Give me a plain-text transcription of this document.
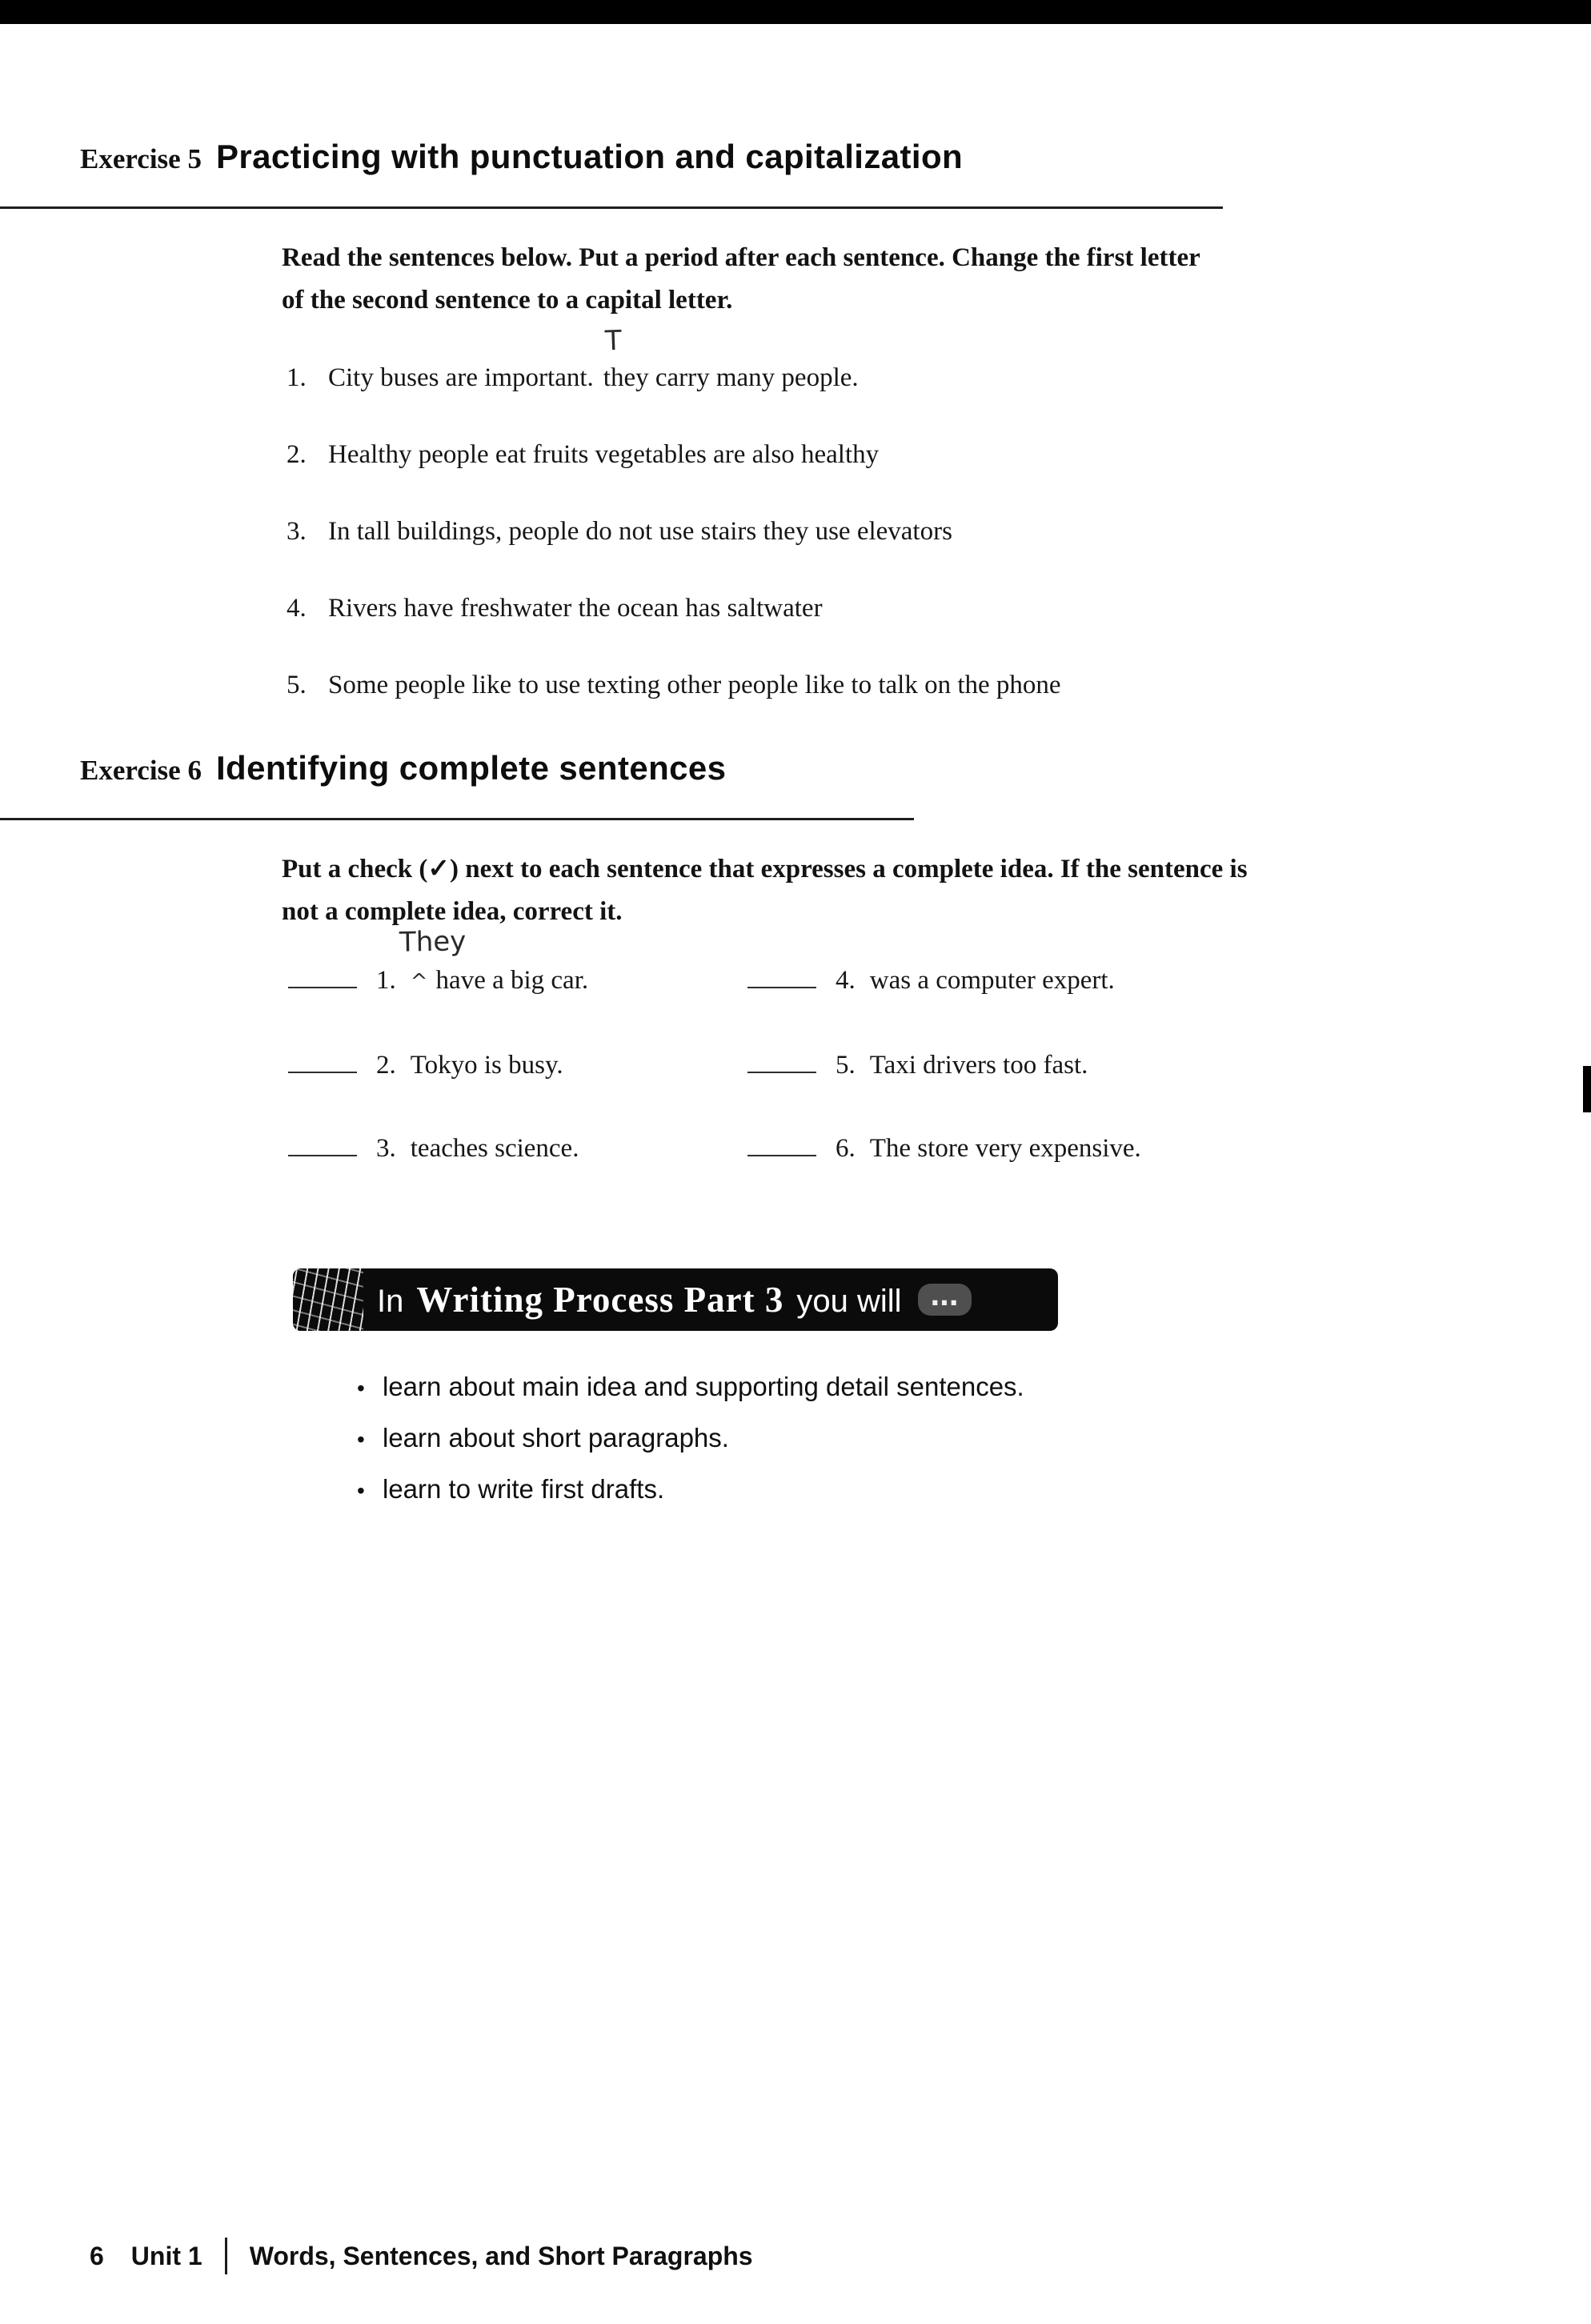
Exercise 5 Practicing with punctuation and capitalization
Read the sentences below. Put a period after each sentence. Change the first letter of the second sentence to a capital letter.
1. City buses are important.
T
they carry many people.
2. Healthy people eat fruits vegetables are also healthy
3. In tall buildings, people do not use stairs they use elevators
4. Rivers have freshwater the ocean has saltwater
5. Some people like to use texting other people like to talk on the phone
Exercise 6 Identifying complete sentences
Put a check (✓) next to each sentence that expresses a complete idea. If the sentence is not a complete idea, correct it.
1.
They
^ have a big car.	4. was a computer expert.
2. Tokyo is busy.	5. Taxi drivers too fast.
3. teaches science.	6. The store very expensive.
In Writing Process Part 3 you will ...
• learn about main idea and supporting detail sentences.
• learn about short paragraphs.
• learn to write first drafts.
6 Unit 1 Words, Sentences, and Short Paragraphs
